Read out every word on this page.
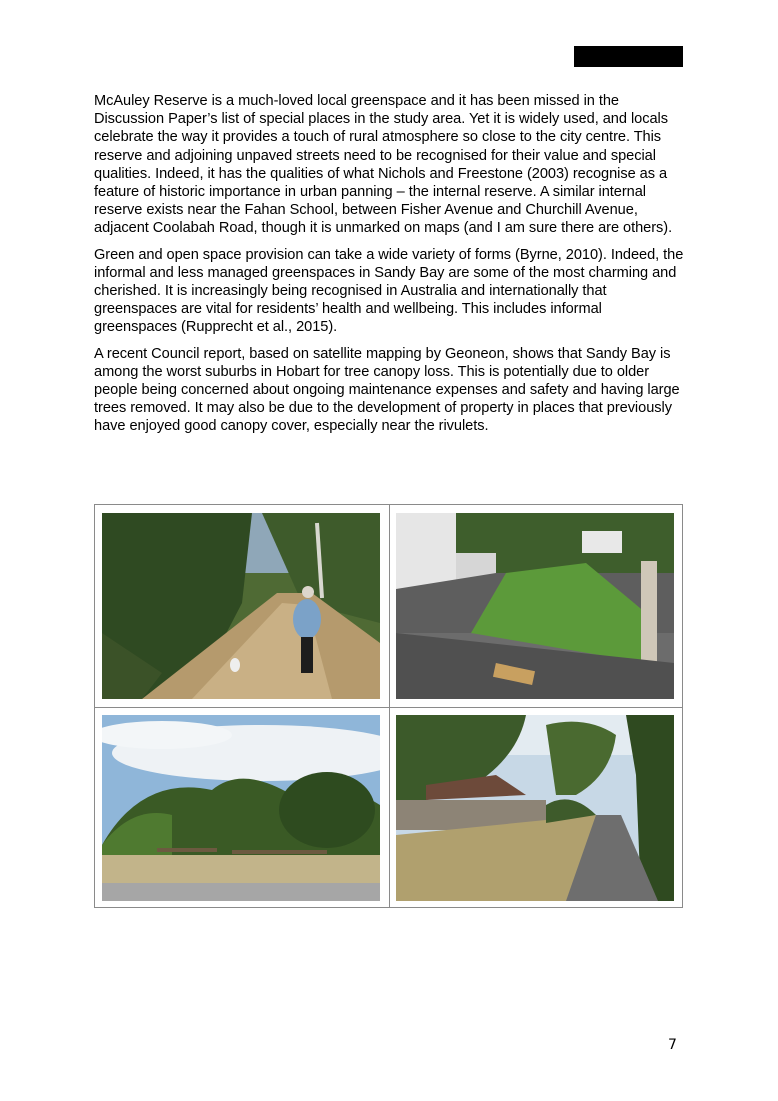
McAuley Reserve is a much-loved local greenspace and it has been missed in the Discussion Paper’s list of special places in the study area. Yet it is widely used, and locals celebrate the way it provides a touch of rural atmosphere so close to the city centre. This reserve and adjoining unpaved streets need to be recognised for their value and special qualities. Indeed, it has the qualities of what Nichols and Freestone (2003) recognise as a feature of historic importance in urban panning – the internal reserve. A similar internal reserve exists near the Fahan School, between Fisher Avenue and Churchill Avenue, adjacent Coolabah Road, though it is unmarked on maps (and I am sure there are others).

Green and open space provision can take a wide variety of forms (Byrne, 2010). Indeed, the informal and less managed greenspaces in Sandy Bay are some of the most charming and cherished. It is increasingly being recognised in Australia and internationally that greenspaces are vital for residents’ health and wellbeing. This includes informal greenspaces (Rupprecht et al., 2015).

A recent Council report, based on satellite mapping by Geoneon, shows that Sandy Bay is among the worst suburbs in Hobart for tree canopy loss. This is potentially due to older people being concerned about ongoing maintenance expenses and safety and having large trees removed. It may also be due to the development of property in places that previously have enjoyed good canopy cover, especially near the rivulets.

7
